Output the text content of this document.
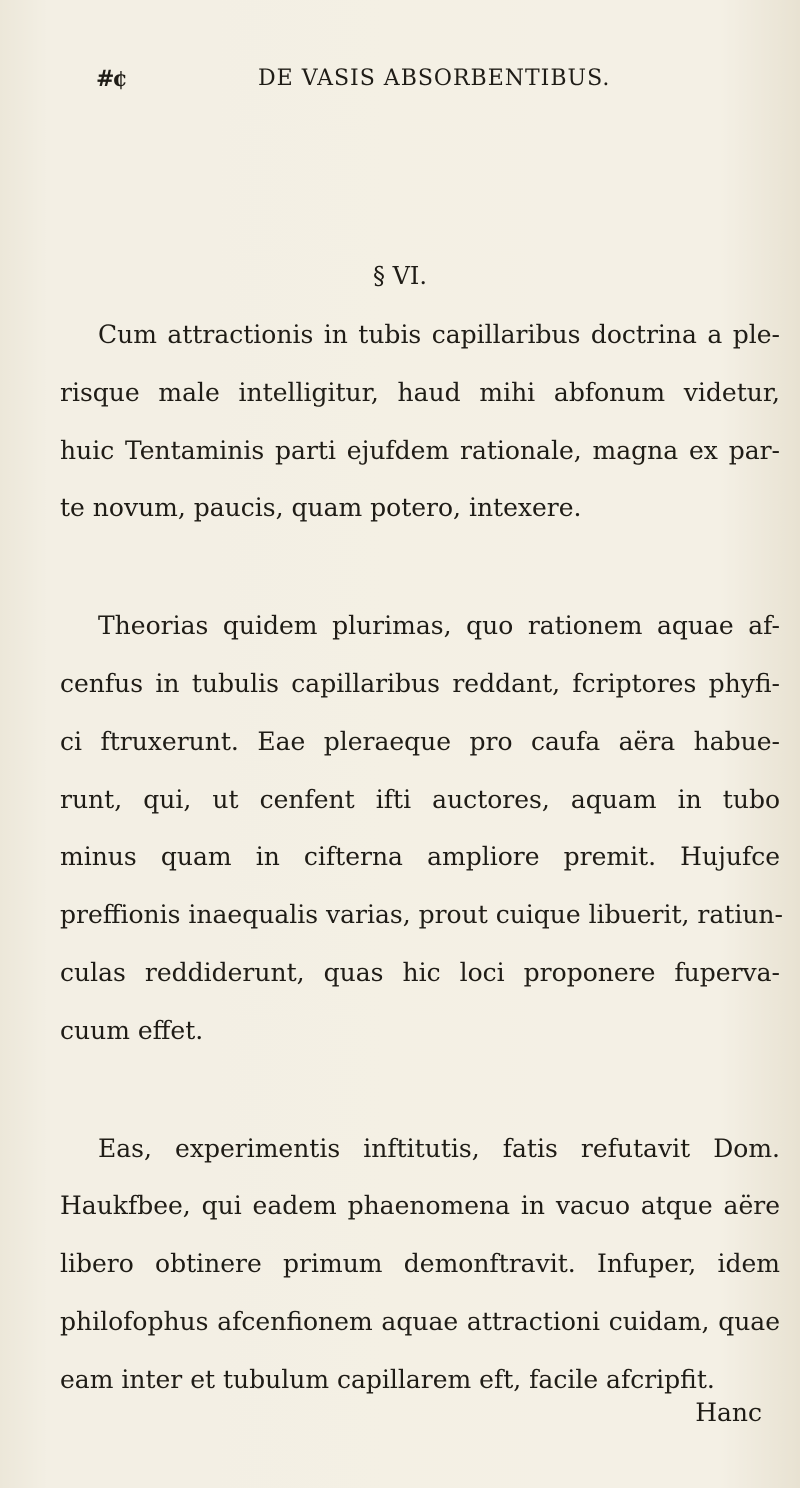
#¢	DE VASIS ABSORBENTIBUS.
§ VI.

Cum attractionis in tubis capillaribus doctrina a ple-
risque male intelligitur, haud mihi abfonum videtur,
huic Tentaminis parti ejufdem rationale, magna ex par-
te novum, paucis, quam potero, intexere.

Theorias quidem plurimas, quo rationem aquae af-
cenfus in tubulis capillaribus reddant, fcriptores phyfi-
ci ftruxerunt. Eae pleraeque pro caufa aëra habue-
runt, qui, ut cenfent ifti auctores, aquam in tubo
minus quam in cifterna ampliore premit. Hujufce
preffionis inaequalis varias, prout cuique libuerit, ratiun-
culas reddiderunt, quas hic loci proponere fuperva-
cuum effet.

Eas, experimentis inftitutis, fatis refutavit Dom.
Haukfbee, qui eadem phaenomena in vacuo atque aëre
libero obtinere primum demonftravit. Infuper, idem
philofophus afcenfionem aquae attractioni cuidam, quae
eam inter et tubulum capillarem eft, facile afcripfit.

Hanc
